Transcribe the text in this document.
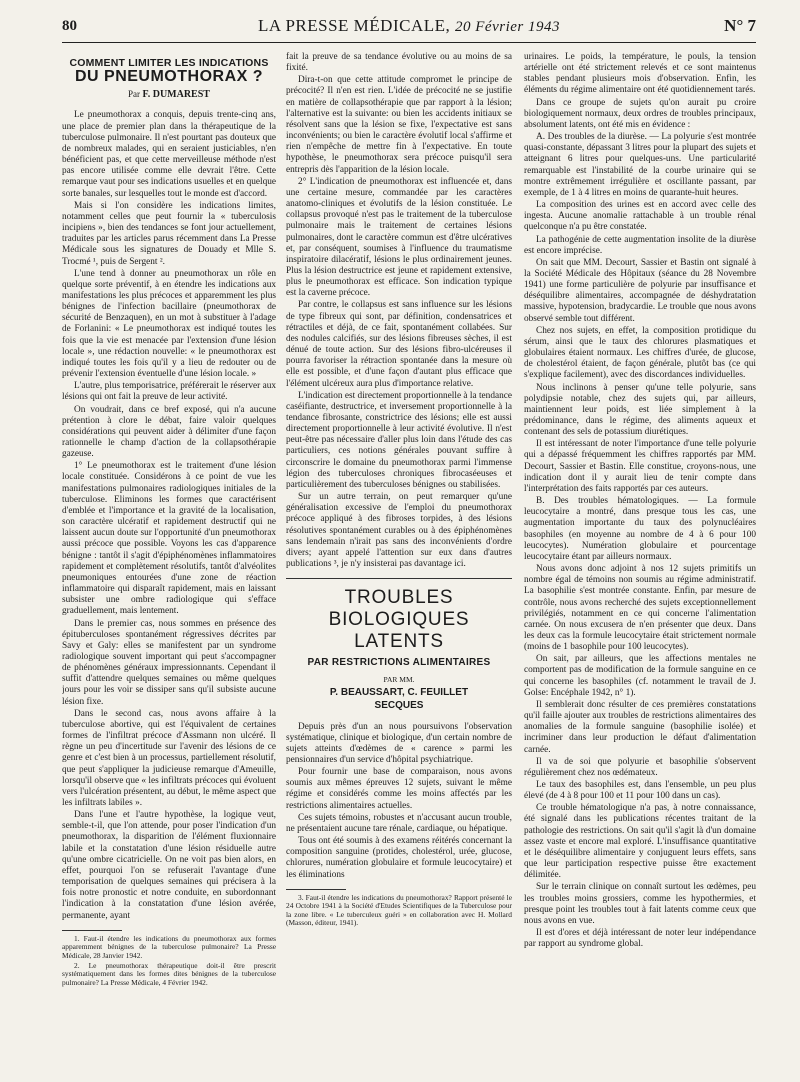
80	LA PRESSE MÉDICALE, 20 Février 1943	N° 7
COMMENT LIMITER LES INDICATIONS
DU PNEUMOTHORAX ?
Par F. DUMAREST

Le pneumothorax a conquis, depuis trente-cinq ans, une place de premier plan dans la thérapeutique de la tuberculose pulmonaire. Il n'est pourtant pas douteux que de nombreux malades, qui en seraient justiciables, n'en bénéficient pas, et que cette merveilleuse méthode n'est pas encore utilisée comme elle devrait l'être. Cette remarque vaut pour ses indications usuelles et en quelque sorte banales, sur lesquelles tout le monde est d'accord.

Mais si l'on considère les indications limites, notamment celles que peut fournir la « tuberculosis incipiens », bien des tendances se font jour actuellement, traduites par les articles parus récemment dans La Presse Médicale sous les signatures de Douady et Mlle S. Trocmé ¹, puis de Sergent ².

L'une tend à donner au pneumothorax un rôle en quelque sorte préventif, à en étendre les indications aux manifestations les plus précoces et apparemment les plus bénignes de l'infection bacillaire (pneumothorax de sécurité de Benzaquen), en un mot à substituer à l'adage de Forlanini: « Le pneumothorax est indiqué toutes les fois que la vie est menacée par l'extension d'une lésion locale », une rédaction nouvelle: « le pneumothorax est indiqué toutes les fois qu'il y a lieu de redouter ou de prévenir l'extension éventuelle d'une lésion locale. »

L'autre, plus temporisatrice, préférerait le réserver aux lésions qui ont fait la preuve de leur activité.

On voudrait, dans ce bref exposé, qui n'a aucune prétention à clore le débat, faire valoir quelques considérations qui peuvent aider à délimiter d'une façon rationnelle le champ d'action de la collapsothérapie gazeuse.

1° Le pneumothorax est le traitement d'une lésion locale constituée. Considérons à ce point de vue les manifestations pulmonaires radiologiques initiales de la tuberculose. Eliminons les formes que caractérisent d'emblée et l'importance et la gravité de la localisation, son caractère ulcératif et rapidement destructif qui ne laissent aucun doute sur l'opportunité d'un pneumothorax aussi précoce que possible. Voyons les cas d'apparence bénigne : tantôt il s'agit d'épiphénomènes inflammatoires rapidement et complètement résolutifs, tantôt d'alvéolites pneumoniques entourées d'une zone de réaction inflammatoire qui disparaît rapidement, mais en laissant subsister une ombre radiologique qui s'efface graduellement, mais lentement.

Dans le premier cas, nous sommes en présence des épituberculoses spontanément régressives décrites par Savy et Galy: elles se manifestent par un syndrome radiologique souvent important qui peut s'accompagner de phénomènes généraux impressionnants. Cependant il suffit d'attendre quelques semaines ou même quelques jours pour les voir se dissiper sans qu'il subsiste aucune lésion fixe.

Dans le second cas, nous avons affaire à la tuberculose abortive, qui est l'équivalent de certaines formes de l'infiltrat précoce d'Assmann non ulcéré. Il règne un peu d'incertitude sur l'avenir des lésions de ce genre et c'est bien à un processus, partiellement résolutif, que peut s'appliquer la judicieuse remarque d'Ameuille, lorsqu'il observe que « les infiltrats précoces qui évoluent vers l'ulcération présentent, au début, le même aspect que les infiltrats labiles ».

Dans l'une et l'autre hypothèse, la logique veut, semble-t-il, que l'on attende, pour poser l'indication d'un pneumothorax, la disparition de l'élément fluxionnaire labile et la constatation d'une lésion résiduelle autre qu'une ombre cicatricielle. On ne voit pas bien alors, en effet, pourquoi l'on se refuserait l'avantage d'une temporisation de quelques semaines qui précisera à la fois notre pronostic et notre conduite, en subordonnant l'indication à la constatation d'une lésion avérée, permanente, ayant

1. Faut-il étendre les indications du pneumothorax aux formes apparemment bénignes de la tuberculose pulmonaire? La Presse Médicale, 28 Janvier 1942.

2. Le pneumothorax thérapeutique doit-il être prescrit systématiquement dans les formes dites bénignes de la tuberculose pulmonaire? La Presse Médicale, 4 Février 1942.

fait la preuve de sa tendance évolutive ou au moins de sa fixité.

Dira-t-on que cette attitude compromet le principe de précocité? Il n'en est rien. L'idée de précocité ne se justifie en matière de collapsothérapie que par rapport à la lésion; l'alternative est la suivante: ou bien les accidents initiaux se résolvent sans que la lésion se fixe, l'expectative est sans inconvénients; ou bien le caractère évolutif local s'affirme et rien n'empêche de mettre fin à l'expectative. En toute hypothèse, le pneumothorax sera précoce puisqu'il sera entrepris dès l'apparition de la lésion locale.

2° L'indication de pneumothorax est influencée et, dans une certaine mesure, commandée par les caractères anatomo-cliniques et évolutifs de la lésion constituée. Le collapsus provoqué n'est pas le traitement de la tuberculose pulmonaire mais le traitement de certaines lésions pulmonaires, dont le caractère commun est d'être ulcératives et, par conséquent, soumises à l'influence du traumatisme inspiratoire dilacératif, lésions le plus ordinairement jeunes. Plus la lésion destructrice est jeune et rapidement extensive, plus le pneumothorax est efficace. Son indication typique est la caverne précoce.

Par contre, le collapsus est sans influence sur les lésions de type fibreux qui sont, par définition, condensatrices et rétractiles et déjà, de ce fait, spontanément collabées. Sur des nodules calcifiés, sur des lésions fibreuses sèches, il est dénué de toute action. Sur des lésions fibro-ulcéreuses il pourra favoriser la rétraction spontanée dans la mesure où elle est possible, et d'une façon d'autant plus efficace que l'élément ulcéreux aura plus d'importance relative.

L'indication est directement proportionnelle à la tendance caséifiante, destructrice, et inversement proportionnelle à la tendance fibrosante, constrictrice des lésions; elle est aussi directement proportionnelle à leur activité évolutive. Il n'est peut-être pas nécessaire d'aller plus loin dans l'étude des cas particuliers, ces notions générales pouvant suffire à circonscrire le domaine du pneumothorax parmi l'immense légion des tuberculoses chroniques fibrocaséeuses et particulièrement des tuberculoses bénignes ou stabilisées.

Sur un autre terrain, on peut remarquer qu'une généralisation excessive de l'emploi du pneumothorax précoce appliqué à des fibroses torpides, à des lésions résolutives spontanément curables ou à des épiphénomènes sans lendemain n'irait pas sans des inconvénients d'ordre divers; ayant appelé l'attention sur eux dans d'autres publications ³, je n'y insisterai pas davantage ici.

TROUBLES BIOLOGIQUES LATENTS
PAR RESTRICTIONS ALIMENTAIRES
PAR MM.
P. BEAUSSART, C. FEUILLET
SECQUES

Depuis près d'un an nous poursuivons l'observation systématique, clinique et biologique, d'un certain nombre de sujets atteints d'œdèmes de « carence » parmi les pensionnaires d'un service d'hôpital psychiatrique.

Pour fournir une base de comparaison, nous avons soumis aux mêmes épreuves 12 sujets, suivant le même régime et considérés comme les moins affectés par les restrictions alimentaires actuelles.

Ces sujets témoins, robustes et n'accusant aucun trouble, ne présentaient aucune tare rénale, cardiaque, ou hépatique.

Tous ont été soumis à des examens réitérés concernant la composition sanguine (protides, cholestérol, urée, glucose, chlorures, numération globulaire et formule leucocytaire) et les éliminations

3. Faut-il étendre les indications du pneumothorax? Rapport présenté le 24 Octobre 1941 à la Société d'Etudes Scientifiques de la Tuberculose pour la zone libre. « Le tuberculeux guéri » en collaboration avec H. Mollard (Masson, éditeur, 1941).

urinaires. Le poids, la température, le pouls, la tension artérielle ont été strictement relevés et ce sont maintenus stables pendant plusieurs mois d'observation. Enfin, les éléments du régime alimentaire ont été quotidiennement tarés.

Dans ce groupe de sujets qu'on aurait pu croire biologiquement normaux, deux ordres de troubles principaux, absolument latents, ont été mis en évidence :

A. Des troubles de la diurèse. — La polyurie s'est montrée quasi-constante, dépassant 3 litres pour la plupart des sujets et atteignant 6 litres pour quelques-uns. Une particularité remarquable est l'instabilité de la courbe urinaire qui se montre extrêmement irrégulière et oscillante passant, par exemple, de 1 à 4 litres en moins de quarante-huit heures.

La composition des urines est en accord avec celle des ingesta. Aucune anomalie rattachable à un trouble rénal quelconque n'a pu être constatée.

La pathogénie de cette augmentation insolite de la diurèse est encore imprécise.

On sait que MM. Decourt, Sassier et Bastin ont signalé à la Société Médicale des Hôpitaux (séance du 28 Novembre 1941) une forme particulière de polyurie par insuffisance et déséquilibre alimentaires, accompagnée de déshydratation massive, hypotension, bradycardie. Le trouble que nous avons observé semble tout différent.

Chez nos sujets, en effet, la composition protidique du sérum, ainsi que le taux des chlorures plasmatiques et globulaires étaient normaux. Les chiffres d'urée, de glucose, de cholestérol étaient, de façon générale, plutôt bas (ce qui s'explique facilement), avec des discordances individuelles.

Nous inclinons à penser qu'une telle polyurie, sans polydipsie notable, chez des sujets qui, par ailleurs, maintiennent leur poids, est liée simplement à la prédominance, dans le régime, des aliments aqueux et contenant des sels de potassium diurétiques.

Il est intéressant de noter l'importance d'une telle polyurie qui a dépassé fréquemment les chiffres rapportés par MM. Decourt, Sassier et Bastin. Elle constitue, croyons-nous, une indication dont il y aurait lieu de tenir compte dans l'interprétation des faits rapportés par ces auteurs.

B. Des troubles hématologiques. — La formule leucocytaire a montré, dans presque tous les cas, une augmentation importante du taux des polynucléaires basophiles (en moyenne au nombre de 4 à 6 pour 100 leucocytes). Numération globulaire et pourcentage leucocytaire étant par ailleurs normaux.

Nous avons donc adjoint à nos 12 sujets primitifs un nombre égal de témoins non soumis au régime administratif. La basophilie s'est montrée constante. Enfin, par mesure de contrôle, nous avons recherché des sujets exceptionnellement privilégiés, notamment en ce qui concerne l'alimentation carnée. On nous excusera de n'en présenter que deux. Dans les deux cas la formule leucocytaire était strictement normale (moins de 1 basophile pour 100 leucocytes).

On sait, par ailleurs, que les affections mentales ne comportent pas de modification de la formule sanguine en ce qui concerne les basophiles (cf. notamment le travail de J. Golse: Encéphale 1942, n° 1).

Il semblerait donc résulter de ces premières constatations qu'il faille ajouter aux troubles de restrictions alimentaires des anomalies de la formule sanguine (basophilie isolée) et incriminer dans leur production le défaut d'alimentation carnée.

Il va de soi que polyurie et basophilie s'observent régulièrement chez nos œdémateux.

Le taux des basophiles est, dans l'ensemble, un peu plus élevé (de 4 à 8 pour 100 et 11 pour 100 dans un cas).

Ce trouble hématologique n'a pas, à notre connaissance, été signalé dans les publications récentes traitant de la pathologie des restrictions. On sait qu'il s'agit là d'un domaine assez vaste et encore mal exploré. L'insuffisance quantitative et le déséquilibre alimentaire y conjuguent leurs effets, sans que leur participation respective puisse être exactement délimitée.

Sur le terrain clinique on connaît surtout les œdèmes, peu les troubles moins grossiers, comme les hypothermies, et presque point les troubles tout à fait latents comme ceux que nous avons en vue.

Il est d'ores et déjà intéressant de noter leur indépendance par rapport au syndrome global.
